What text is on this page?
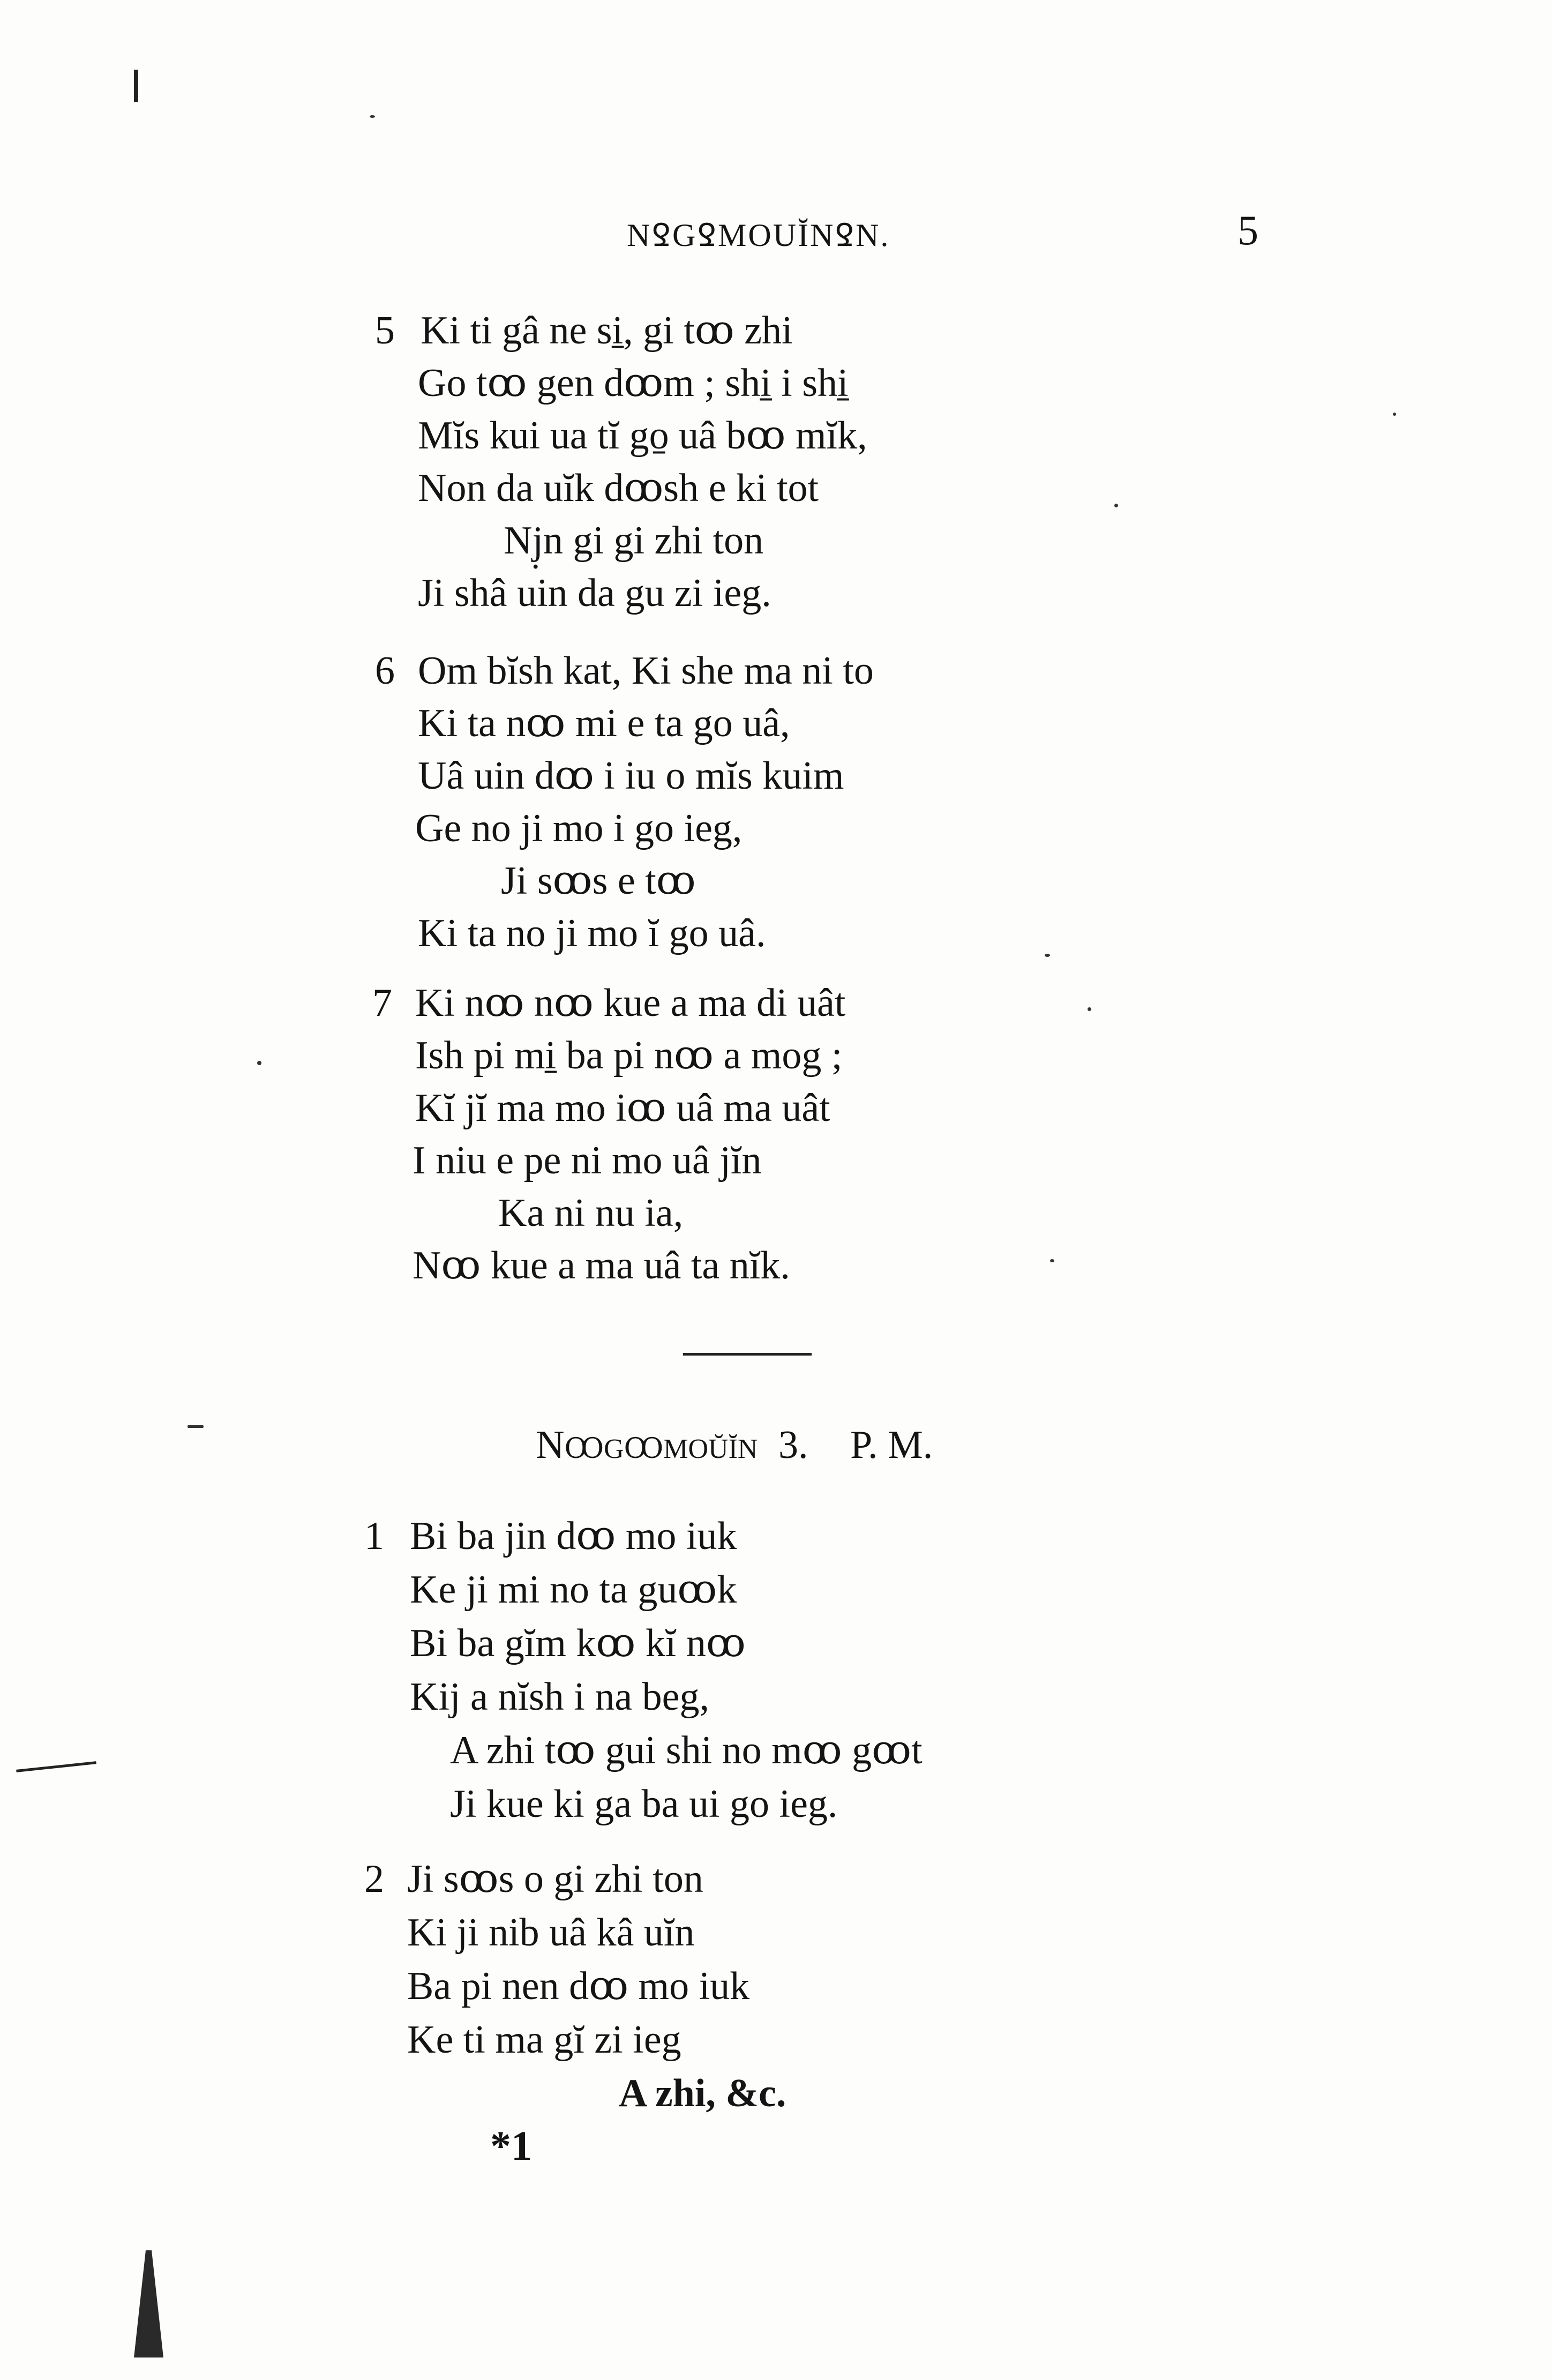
NꝾGꝾMOUĬNꝾN.	5
5 Ki ti gâ ne si̱, gi tꝏ zhi
Go tꝏ gen dꝏm ; shi̱ i shi̱
Mĭs kui ua tĭ go̱ uâ bꝏ mĭk,
Non da uĭk dꝏsh e ki tot
Nj̣n gi gi zhi ton
Ji shâ uin da gu zi ieg.
6 Om bĭsh kat, Ki she ma ni to
Ki ta nꝏ mi e ta go uâ,
Uâ uin dꝏ i iu o mĭs kuim
Ge no ji mo i go ieg,
Ji sꝏs e tꝏ
Ki ta no ji mo ĭ go uâ.
7 Ki nꝏ nꝏ kue a ma di uât
Ish pi mi̱ ba pi nꝏ a mog ;
Kĭ jĭ ma mo iꝏ uâ ma uât
I niu e pe ni mo uâ jĭn
Ka ni nu ia,
Nꝏ kue a ma uâ ta nĭk.
Nꝏgꝏmoŭĭn 3. P. M.
1 Bi ba jin dꝏ mo iuk
Ke ji mi no ta guꝏk
Bi ba gĭm kꝏ kĭ nꝏ
Kij a nĭsh i na beg,
A zhi tꝏ gui shi no mꝏ gꝏt
Ji kue ki ga ba ui go ieg.
2 Ji sꝏs o gi zhi ton
Ki ji nib uâ kâ uĭn
Ba pi nen dꝏ mo iuk
Ke ti ma gĭ zi ieg
A zhi, &c.
*1
